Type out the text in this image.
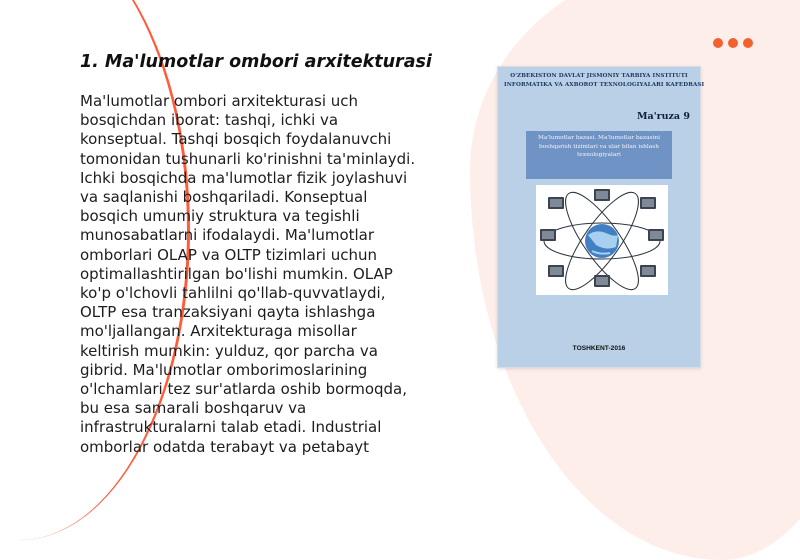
1. Ma'lumotlar ombori arxitekturasi
Ma'lumotlar ombori arxitekturasi uch
bosqichdan iborat: tashqi, ichki va
konseptual. Tashqi bosqich foydalanuvchi
tomonidan tushunarli ko'rinishni ta'minlaydi.
Ichki bosqichda ma'lumotlar fizik joylashuvi
va saqlanishi boshqariladi. Konseptual
bosqich umumiy struktura va tegishli
munosabatlarni ifodalaydi. Ma'lumotlar
omborlari OLAP va OLTP tizimlari uchun
optimallashtirilgan bo'lishi mumkin. OLAP
ko'p o'lchovli tahlilni qo'llab-quvvatlaydi,
OLTP esa tranzaksiyani qayta ishlashga
mo'ljallangan. Arxitekturaga misollar
keltirish mumkin: yulduz, qor parcha va
gibrid. Ma'lumotlar omborimoslarining
o'lchamlari tez sur'atlarda oshib bormoqda,
bu esa samarali boshqaruv va
infrastrukturalarni talab etadi. Industrial
omborlar odatda terabayt va petabayt
O'ZBEKISTON DAVLAT JISMONIY TARBIYA INSTITUTI
INFORMATIKA VA AXBOROT TEXNOLOGIYALARI KAFEDRASI
Ma'ruza 9
Ma'lumotlar bazasi. Ma'lumotlar bazasini boshqarish tizimlari va ular bilan ishlash texnologiyalari
TOSHKENT-2016
